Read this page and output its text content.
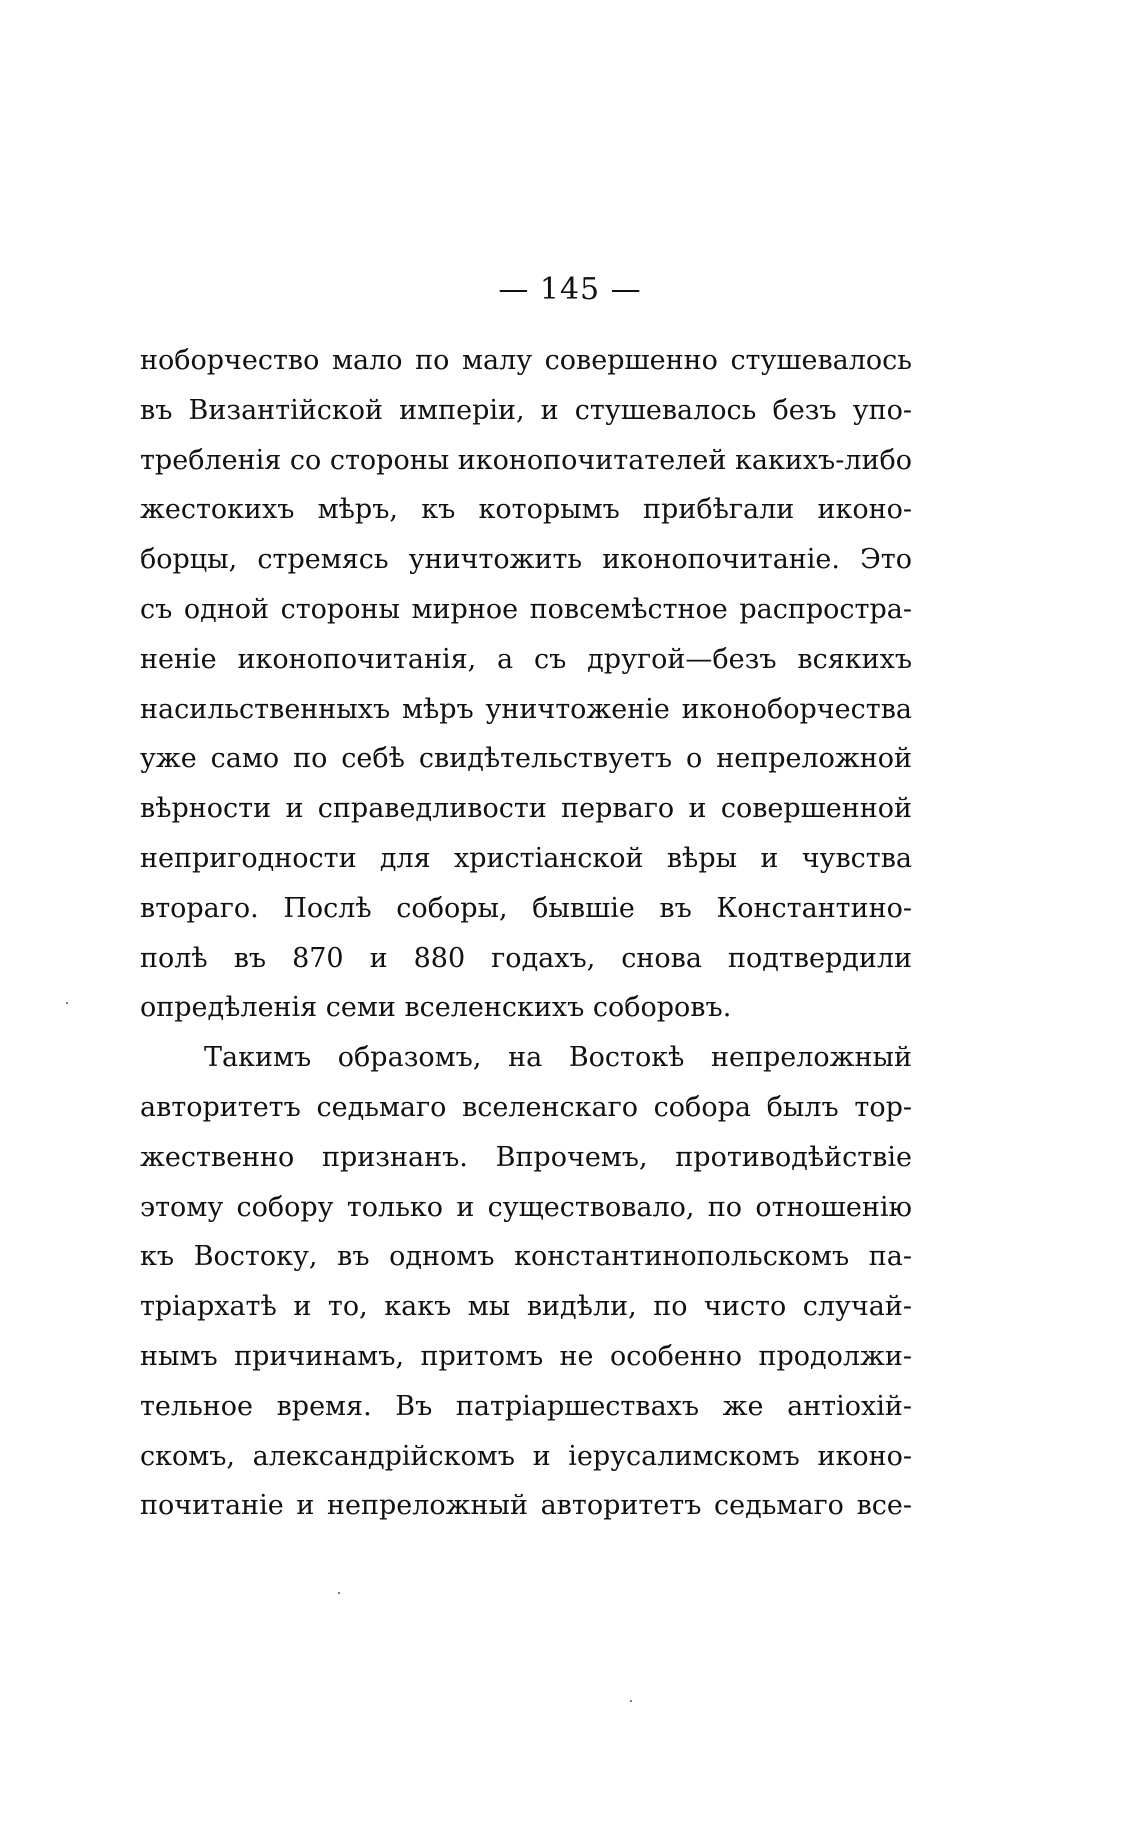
— 145 —
ноборчество мало по малу совершенно стушевалось
въ Византійской имперіи, и стушевалось безъ упо-
требленія со стороны иконопочитателей какихъ-либо
жестокихъ мѣръ, къ которымъ прибѣгали иконо-
борцы, стремясь уничтожить иконопочитаніе. Это
съ одной стороны мирное повсемѣстное распростра-
неніе иконопочитанія, а съ другой—безъ всякихъ
насильственныхъ мѣръ уничтоженіе иконоборчества
уже само по себѣ свидѣтельствуетъ о непреложной
вѣрности и справедливости перваго и совершенной
непригодности для христіанской вѣры и чувства
втораго. Послѣ соборы, бывшіе въ Константино-
полѣ въ 870 и 880 годахъ, снова подтвердили
опредѣленія семи вселенскихъ соборовъ.
Такимъ образомъ, на Востокѣ непреложный
авторитетъ седьмаго вселенскаго собора былъ тор-
жественно признанъ. Впрочемъ, противодѣйствіе
этому собору только и существовало, по отношенію
къ Востоку, въ одномъ константинопольскомъ па-
тріархатѣ и то, какъ мы видѣли, по чисто случай-
нымъ причинамъ, притомъ не особенно продолжи-
тельное время. Въ патріаршествахъ же антіохій-
скомъ, александрійскомъ и іерусалимскомъ иконо-
почитаніе и непреложный авторитетъ седьмаго все-
